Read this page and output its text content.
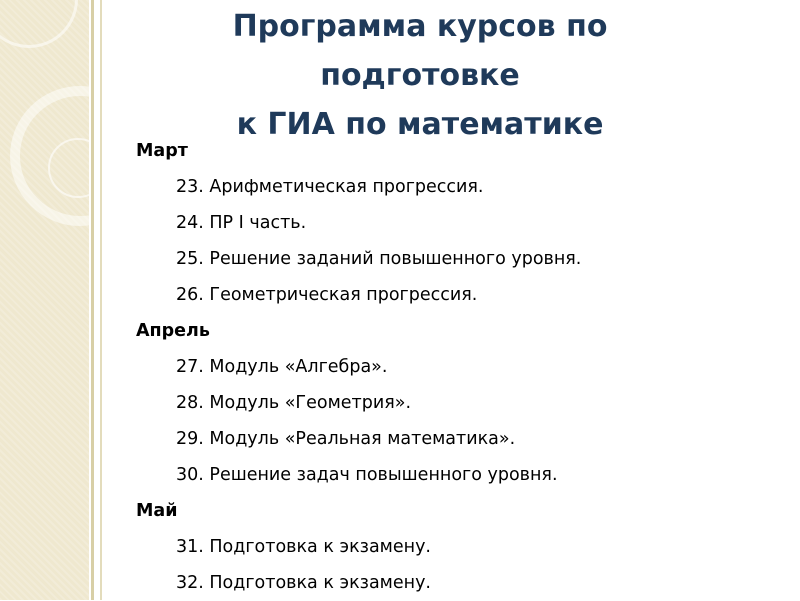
Программа курсов по
подготовке
к ГИА по математике
Март
23. Арифметическая прогрессия.
24. ПР I часть.
25. Решение заданий повышенного уровня.
26. Геометрическая прогрессия.
Апрель
27. Модуль «Алгебра».
28. Модуль «Геометрия».
29. Модуль «Реальная математика».
30. Решение задач повышенного уровня.
Май
31. Подготовка к экзамену.
32. Подготовка к экзамену.
